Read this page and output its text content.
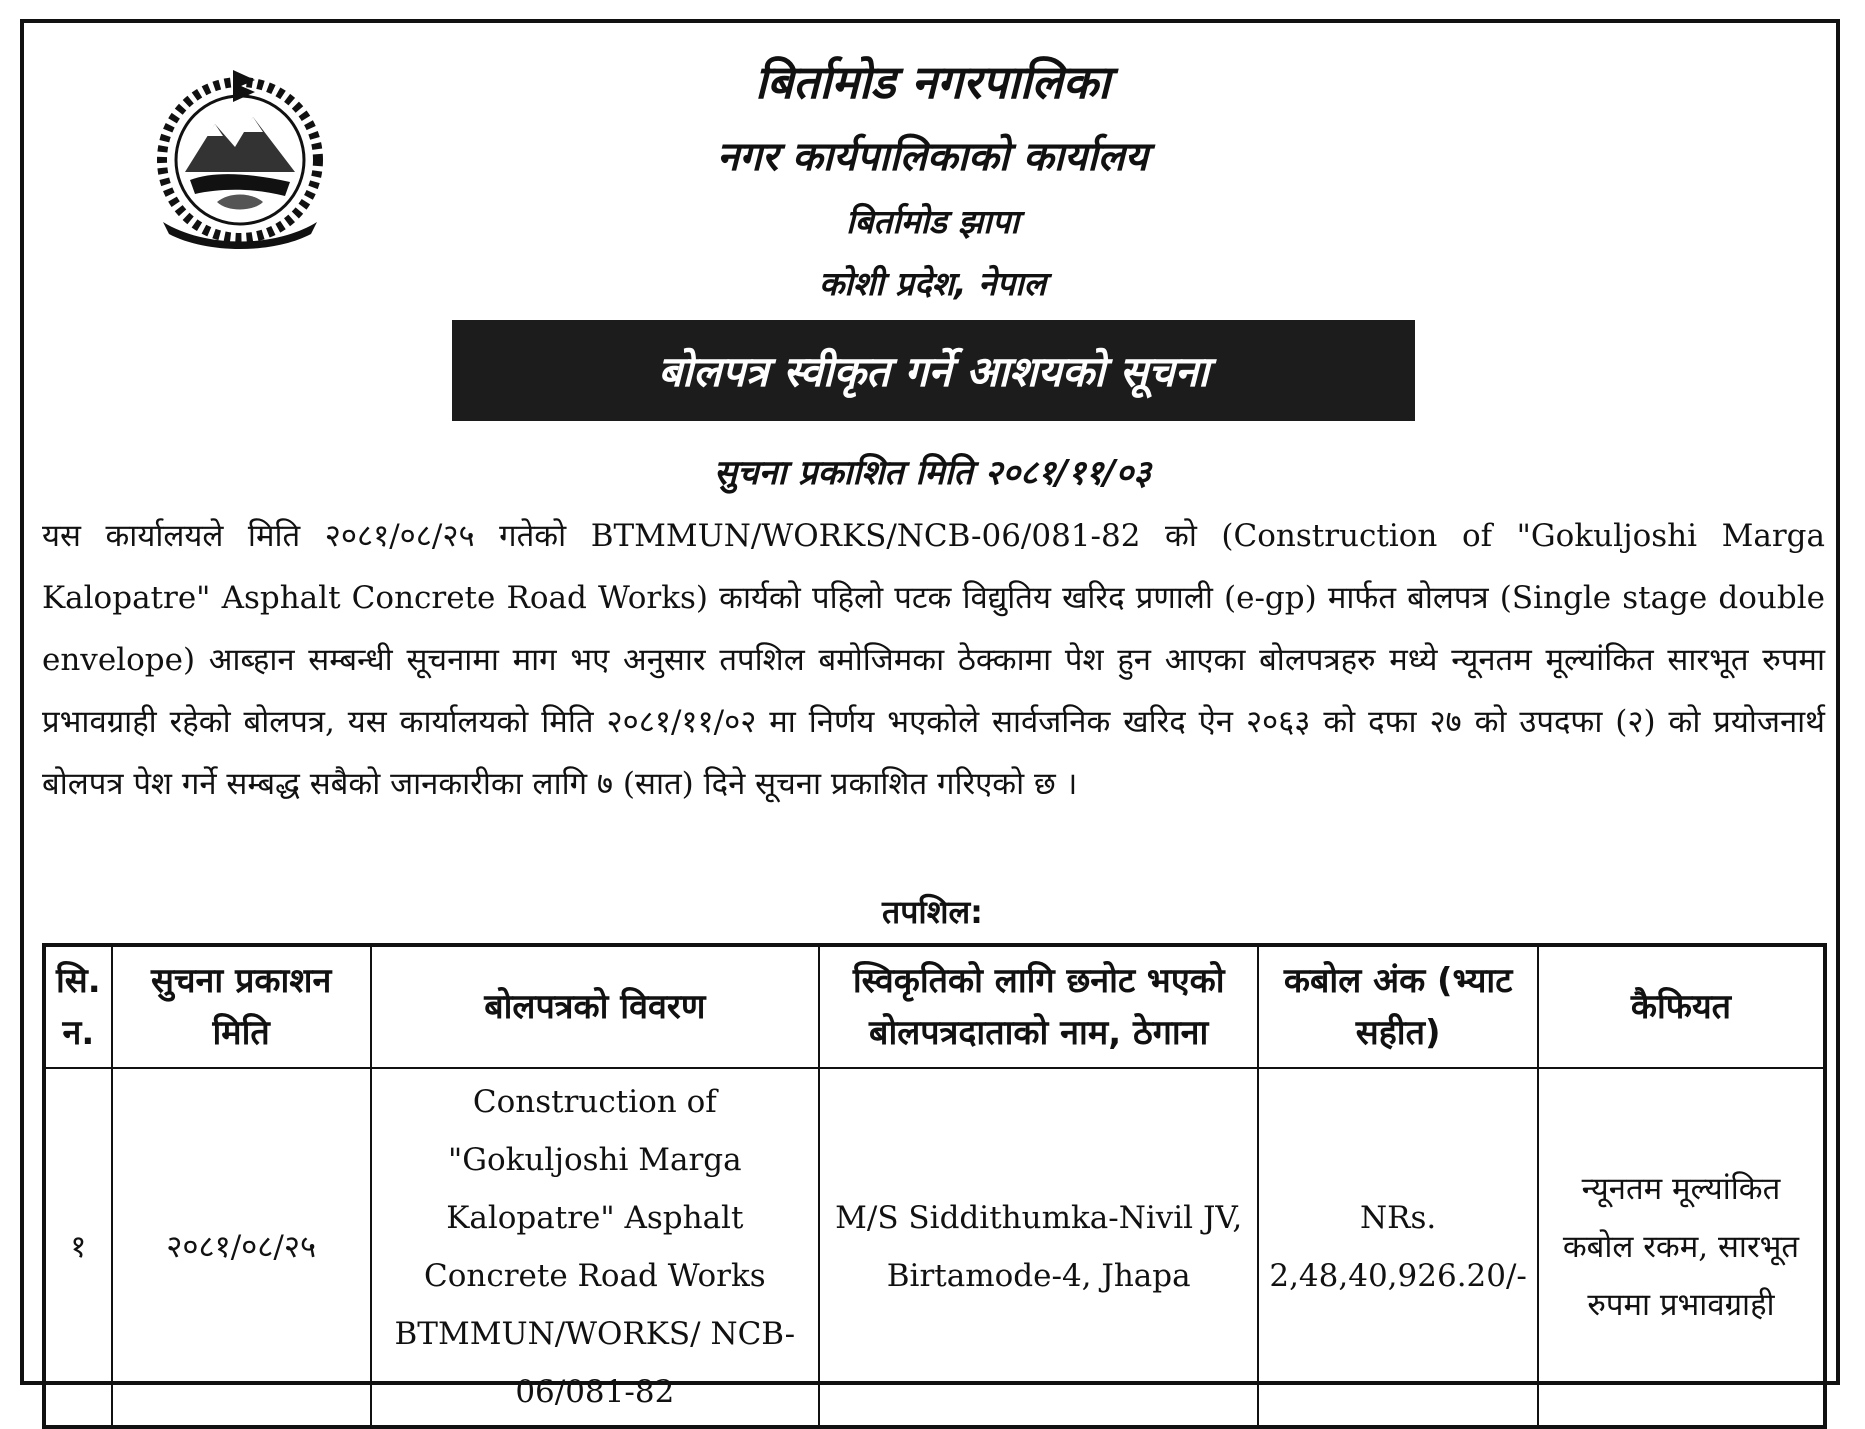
बिर्तामोड नगरपालिका
नगर कार्यपालिकाको कार्यालय
बिर्तामोड झापा
कोशी प्रदेश, नेपाल
बोलपत्र स्वीकृत गर्ने आशयको सूचना
सुचना प्रकाशित मिति २०८१/११/०३
यस कार्यालयले मिति २०८१/०८/२५ गतेको BTMMUN/WORKS/NCB-06/081-82 को (Construction of "Gokuljoshi Marga Kalopatre" Asphalt Concrete Road Works) कार्यको पहिलो पटक विद्युतिय खरिद प्रणाली (e-gp) मार्फत बोलपत्र (Single stage double envelope) आब्हान सम्बन्धी सूचनामा माग भए अनुसार तपशिल बमोजिमका ठेक्कामा पेश हुन आएका बोलपत्रहरु मध्ये न्यूनतम मूल्यांकित सारभूत रुपमा प्रभावग्राही रहेको बोलपत्र, यस कार्यालयको मिति २०८१/११/०२ मा निर्णय भएकोले सार्वजनिक खरिद ऐन २०६३ को दफा २७ को उपदफा (२) को प्रयोजनार्थ बोलपत्र पेश गर्ने सम्बद्ध सबैको जानकारीका लागि ७ (सात) दिने सूचना प्रकाशित गरिएको छ ।
तपशिल:
सि. न.	सुचना प्रकाशन मिति	बोलपत्रको विवरण	स्विकृतिको लागि छनोट भएको बोलपत्रदाताको नाम, ठेगाना	कबोल अंक (भ्याट सहीत)	कैफियत
१	२०८१/०८/२५	Construction of "Gokuljoshi Marga Kalopatre" Asphalt Concrete Road Works BTMMUN/WORKS/ NCB-06/081-82	M/S Siddithumka-Nivil JV, Birtamode-4, Jhapa	NRs. 2,48,40,926.20/-	न्यूनतम मूल्यांकित कबोल रकम, सारभूत रुपमा प्रभावग्राही
